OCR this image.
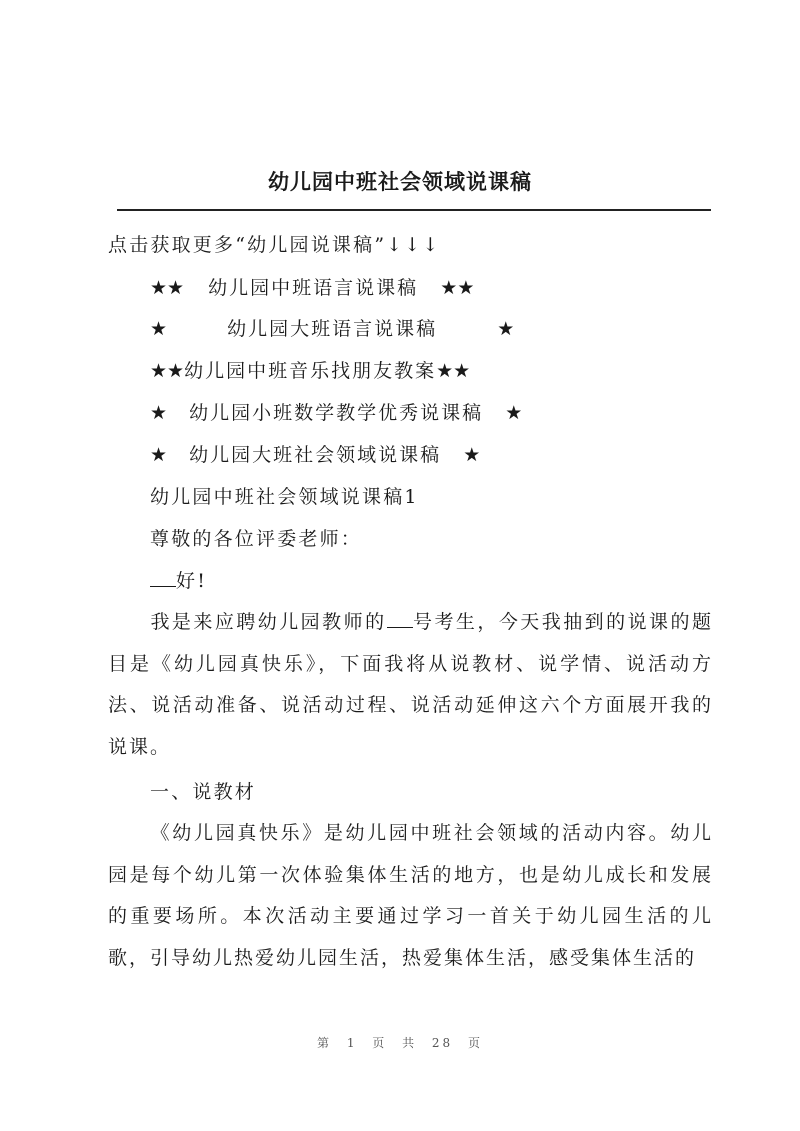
幼儿园中班社会领域说课稿
点击获取更多“幼儿园说课稿”↓↓↓
★★ 幼儿园中班语言说课稿 ★★
★	幼儿园大班语言说课稿	★
★★幼儿园中班音乐找朋友教案★★
★ 幼儿园小班数学教学优秀说课稿 ★
★ 幼儿园大班社会领域说课稿 ★
幼儿园中班社会领域说课稿1
尊敬的各位评委老师：
好!
我是来应聘幼儿园教师的 号考生，今天我抽到的说课的题目是《幼儿园真快乐》，下面我将从说教材、说学情、说活动方法、说活动准备、说活动过程、说活动延伸这六个方面展开我的说课。
一、说教材
《幼儿园真快乐》是幼儿园中班社会领域的活动内容。幼儿园是每个幼儿第一次体验集体生活的地方，也是幼儿成长和发展的重要场所。本次活动主要通过学习一首关于幼儿园生活的儿歌，引导幼儿热爱幼儿园生活，热爱集体生活，感受集体生活的
第 1 页 共 28 页
